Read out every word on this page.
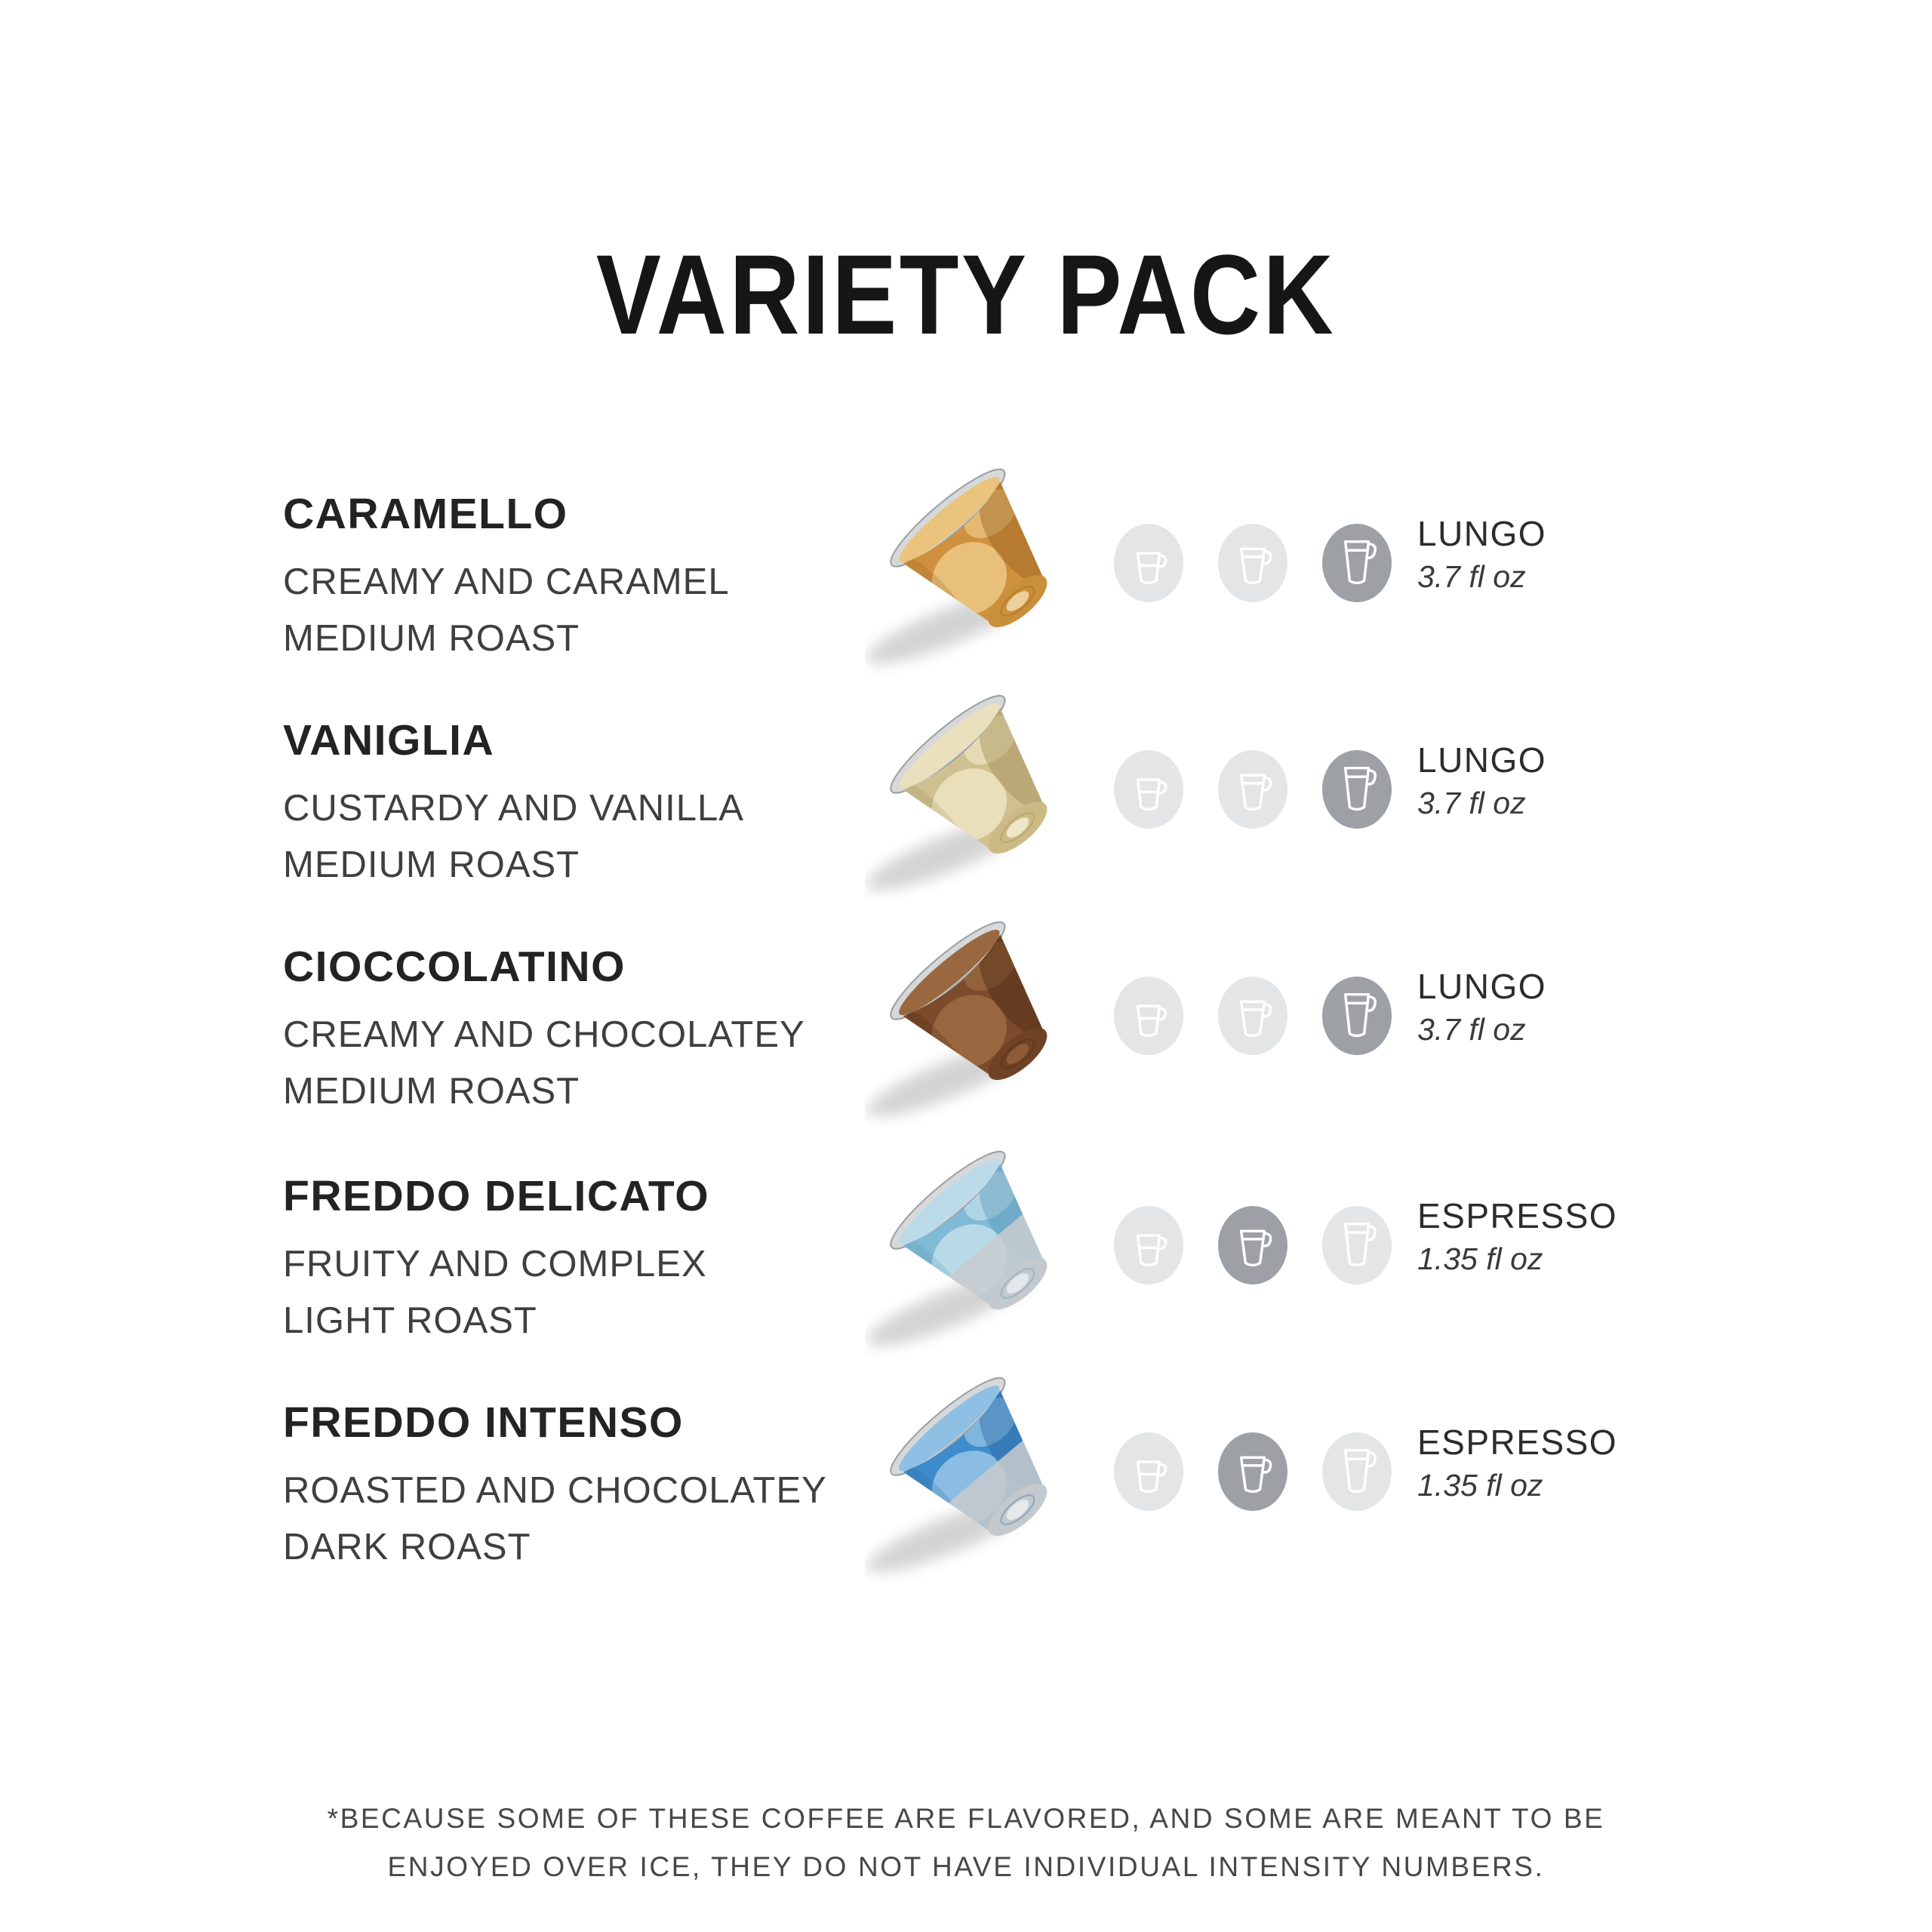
VARIETY PACK
CARAMELLO

CREAMY AND CARAMEL

MEDIUM ROAST

LUNGO
3.7 fl oz
VANIGLIA

CUSTARDY AND VANILLA

MEDIUM ROAST

LUNGO
3.7 fl oz
CIOCCOLATINO

CREAMY AND CHOCOLATEY

MEDIUM ROAST

LUNGO
3.7 fl oz
FREDDO DELICATO

FRUITY AND COMPLEX

LIGHT ROAST

ESPRESSO
1.35 fl oz
FREDDO INTENSO

ROASTED AND CHOCOLATEY

DARK ROAST

ESPRESSO
1.35 fl oz
*BECAUSE SOME OF THESE COFFEE ARE FLAVORED, AND SOME ARE MEANT TO BE
ENJOYED OVER ICE, THEY DO NOT HAVE INDIVIDUAL INTENSITY NUMBERS.
